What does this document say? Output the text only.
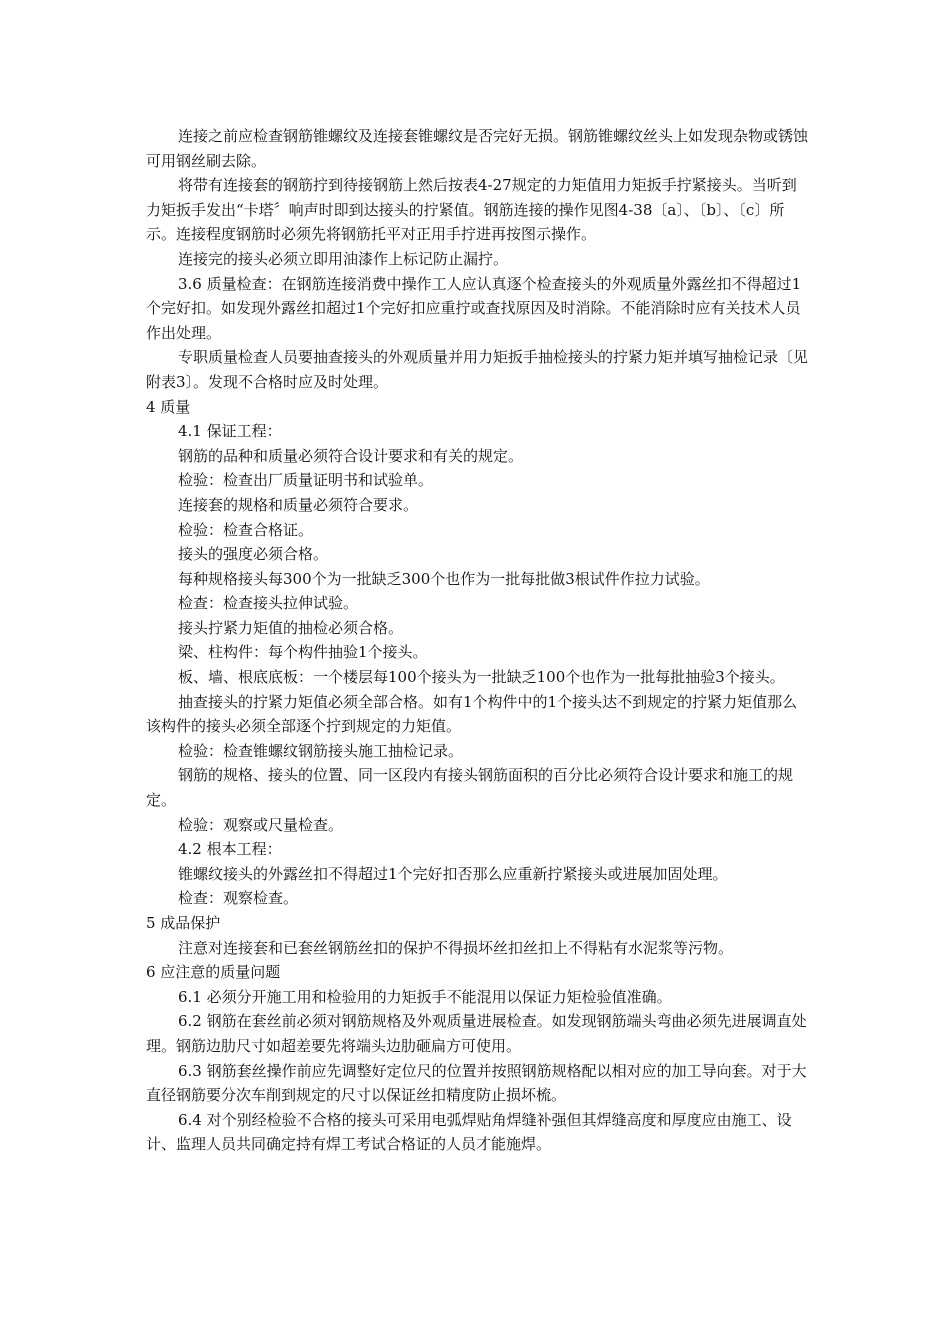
连接之前应检查钢筋锥螺纹及连接套锥螺纹是否完好无损。钢筋锥螺纹丝头上如发现杂物或锈蚀可用钢丝刷去除。

将带有连接套的钢筋拧到待接钢筋上然后按表4-27规定的力矩值用力矩扳手拧紧接头。当听到力矩扳手发出“卡塔〞响声时即到达接头的拧紧值。钢筋连接的操作见图4-38〔a〕、〔b〕、〔c〕所示。连接程度钢筋时必须先将钢筋托平对正用手拧进再按图示操作。

连接完的接头必须立即用油漆作上标记防止漏拧。

3.6 质量检查：在钢筋连接消费中操作工人应认真逐个检查接头的外观质量外露丝扣不得超过1个完好扣。如发现外露丝扣超过1个完好扣应重拧或查找原因及时消除。不能消除时应有关技术人员作出处理。

专职质量检查人员要抽查接头的外观质量并用力矩扳手抽检接头的拧紧力矩并填写抽检记录〔见附表3〕。发现不合格时应及时处理。

4 质量

4.1 保证工程：

钢筋的品种和质量必须符合设计要求和有关的规定。

检验：检查出厂质量证明书和试验单。

连接套的规格和质量必须符合要求。

检验：检查合格证。

接头的强度必须合格。

每种规格接头每300个为一批缺乏300个也作为一批每批做3根试件作拉力试验。

检查：检查接头拉伸试验。

接头拧紧力矩值的抽检必须合格。

梁、柱构件：每个构件抽验1个接头。

板、墙、根底底板：一个楼层每100个接头为一批缺乏100个也作为一批每批抽验3个接头。

抽查接头的拧紧力矩值必须全部合格。如有1个构件中的1个接头达不到规定的拧紧力矩值那么该构件的接头必须全部逐个拧到规定的力矩值。

检验：检查锥螺纹钢筋接头施工抽检记录。

钢筋的规格、接头的位置、同一区段内有接头钢筋面积的百分比必须符合设计要求和施工的规定。

检验：观察或尺量检查。

4.2 根本工程：

锥螺纹接头的外露丝扣不得超过1个完好扣否那么应重新拧紧接头或进展加固处理。

检查：观察检查。

5 成品保护

注意对连接套和已套丝钢筋丝扣的保护不得损坏丝扣丝扣上不得粘有水泥浆等污物。

6 应注意的质量问题

6.1 必须分开施工用和检验用的力矩扳手不能混用以保证力矩检验值准确。

6.2 钢筋在套丝前必须对钢筋规格及外观质量进展检查。如发现钢筋端头弯曲必须先进展调直处理。钢筋边肋尺寸如超差要先将端头边肋砸扁方可使用。

6.3 钢筋套丝操作前应先调整好定位尺的位置并按照钢筋规格配以相对应的加工导向套。对于大直径钢筋要分次车削到规定的尺寸以保证丝扣精度防止损坏梳。

6.4 对个别经检验不合格的接头可采用电弧焊贴角焊缝补强但其焊缝高度和厚度应由施工、设计、监理人员共同确定持有焊工考试合格证的人员才能施焊。
